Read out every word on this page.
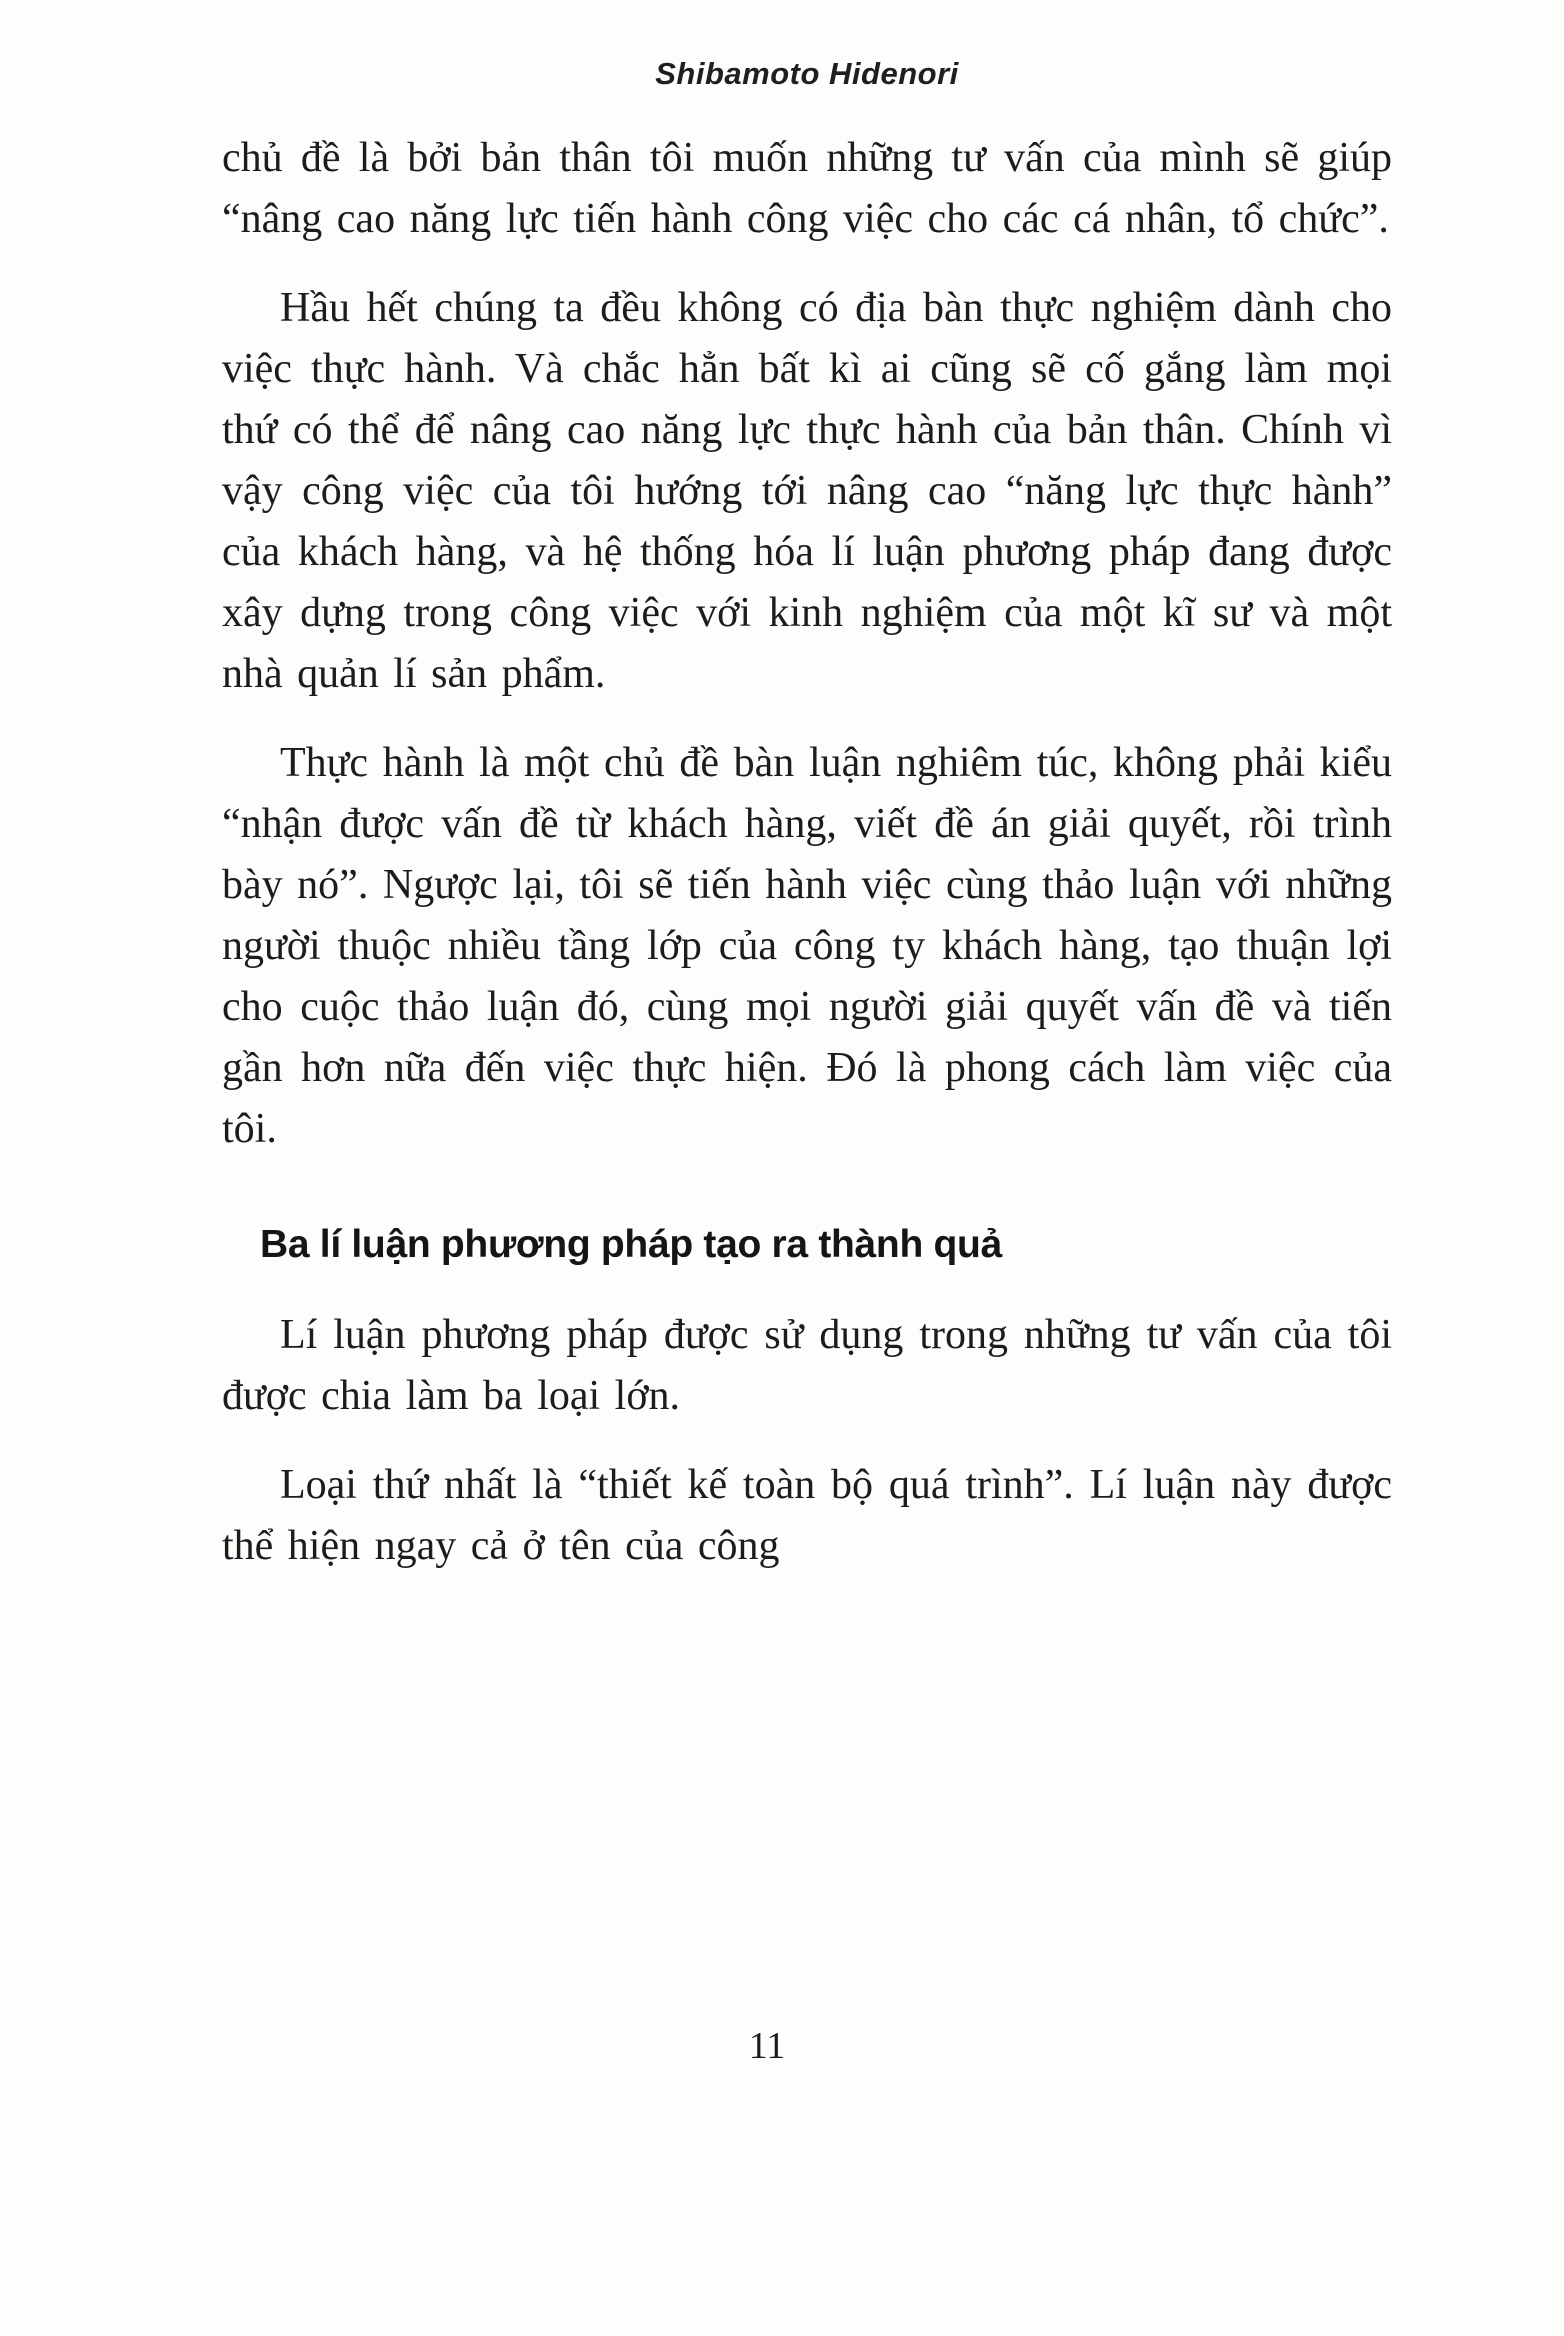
Shibamoto Hidenori

chủ đề là bởi bản thân tôi muốn những tư vấn của mình sẽ giúp “nâng cao năng lực tiến hành công việc cho các cá nhân, tổ chức”.

Hầu hết chúng ta đều không có địa bàn thực nghiệm dành cho việc thực hành. Và chắc hẳn bất kì ai cũng sẽ cố gắng làm mọi thứ có thể để nâng cao năng lực thực hành của bản thân. Chính vì vậy công việc của tôi hướng tới nâng cao “năng lực thực hành” của khách hàng, và hệ thống hóa lí luận phương pháp đang được xây dựng trong công việc với kinh nghiệm của một kĩ sư và một nhà quản lí sản phẩm.

Thực hành là một chủ đề bàn luận nghiêm túc, không phải kiểu “nhận được vấn đề từ khách hàng, viết đề án giải quyết, rồi trình bày nó”. Ngược lại, tôi sẽ tiến hành việc cùng thảo luận với những người thuộc nhiều tầng lớp của công ty khách hàng, tạo thuận lợi cho cuộc thảo luận đó, cùng mọi người giải quyết vấn đề và tiến gần hơn nữa đến việc thực hiện. Đó là phong cách làm việc của tôi.

Ba lí luận phương pháp tạo ra thành quả

Lí luận phương pháp được sử dụng trong những tư vấn của tôi được chia làm ba loại lớn.

Loại thứ nhất là “thiết kế toàn bộ quá trình”. Lí luận này được thể hiện ngay cả ở tên của công

11
